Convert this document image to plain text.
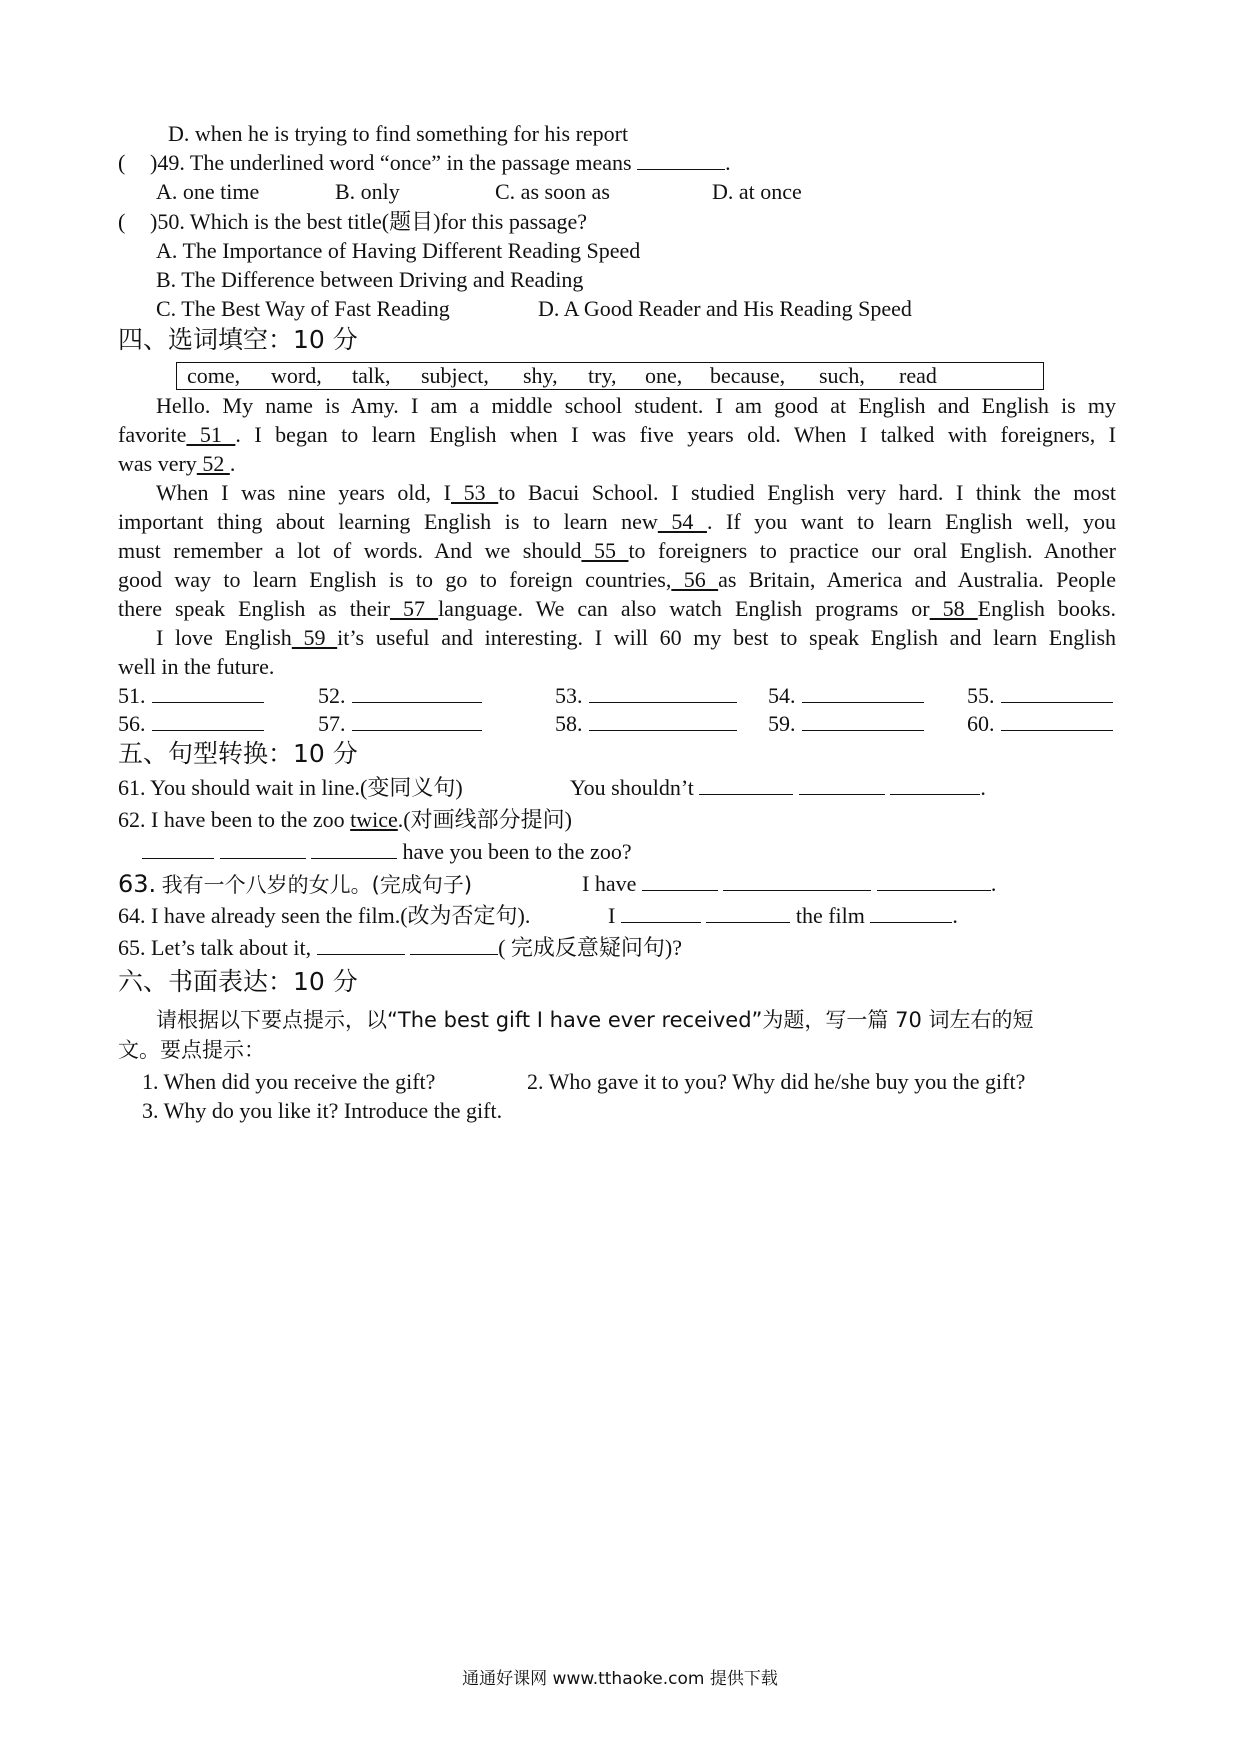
D. when he is trying to find something for his report
( )49. The underlined word “once” in the passage means	.
A. one time	B. only	C. as soon as	D. at once
( )50. Which is the best title(题目)for this passage?
A. The Importance of Having Different Reading Speed
B. The Difference between Driving and Reading
C. The Best Way of Fast Reading	D. A Good Reader and His Reading Speed
四、选词填空：10 分
come, word, talk, subject, shy, try, one, because, such, read
Hello. My name is Amy. I am a middle school student. I am good at English and English is my
favorite 51 . I began to learn English when I was five years old. When I talked with foreigners, I
was very 52 .
When I was nine years old, I 53 to Bacui School. I studied English very hard. I think the most
important thing about learning English is to learn new 54 . If you want to learn English well, you
must remember a lot of words. And we should 55 to foreigners to practice our oral English. Another
good way to learn English is to go to foreign countries, 56 as Britain, America and Australia. People
there speak English as their 57 language. We can also watch English programs or 58 English books.
I love English 59 it’s useful and interesting. I will 60 my best to speak English and learn English
well in the future.
51.	52.	53.	54.	55.
56.	57.	58.	59.	60.
五、句型转换：10 分
61. You should wait in line.(变同义句)	You shouldn’t	.
62. I have been to the zoo twice.(对画线部分提问)
have you been to the zoo?
63. 我有一个八岁的女儿。(完成句子)	I have	.
64. I have already seen the film.(改为否定句).	I	the film	.
65. Let’s talk about it,	( 完成反意疑问句)?
六、书面表达：10 分
请根据以下要点提示，以“The best gift I have ever received”为题，写一篇 70 词左右的短
文。要点提示：
1. When did you receive the gift?	2. Who gave it to you? Why did he/she buy you the gift?
3. Why do you like it? Introduce the gift.
通通好课网 www.tthaoke.com 提供下载
